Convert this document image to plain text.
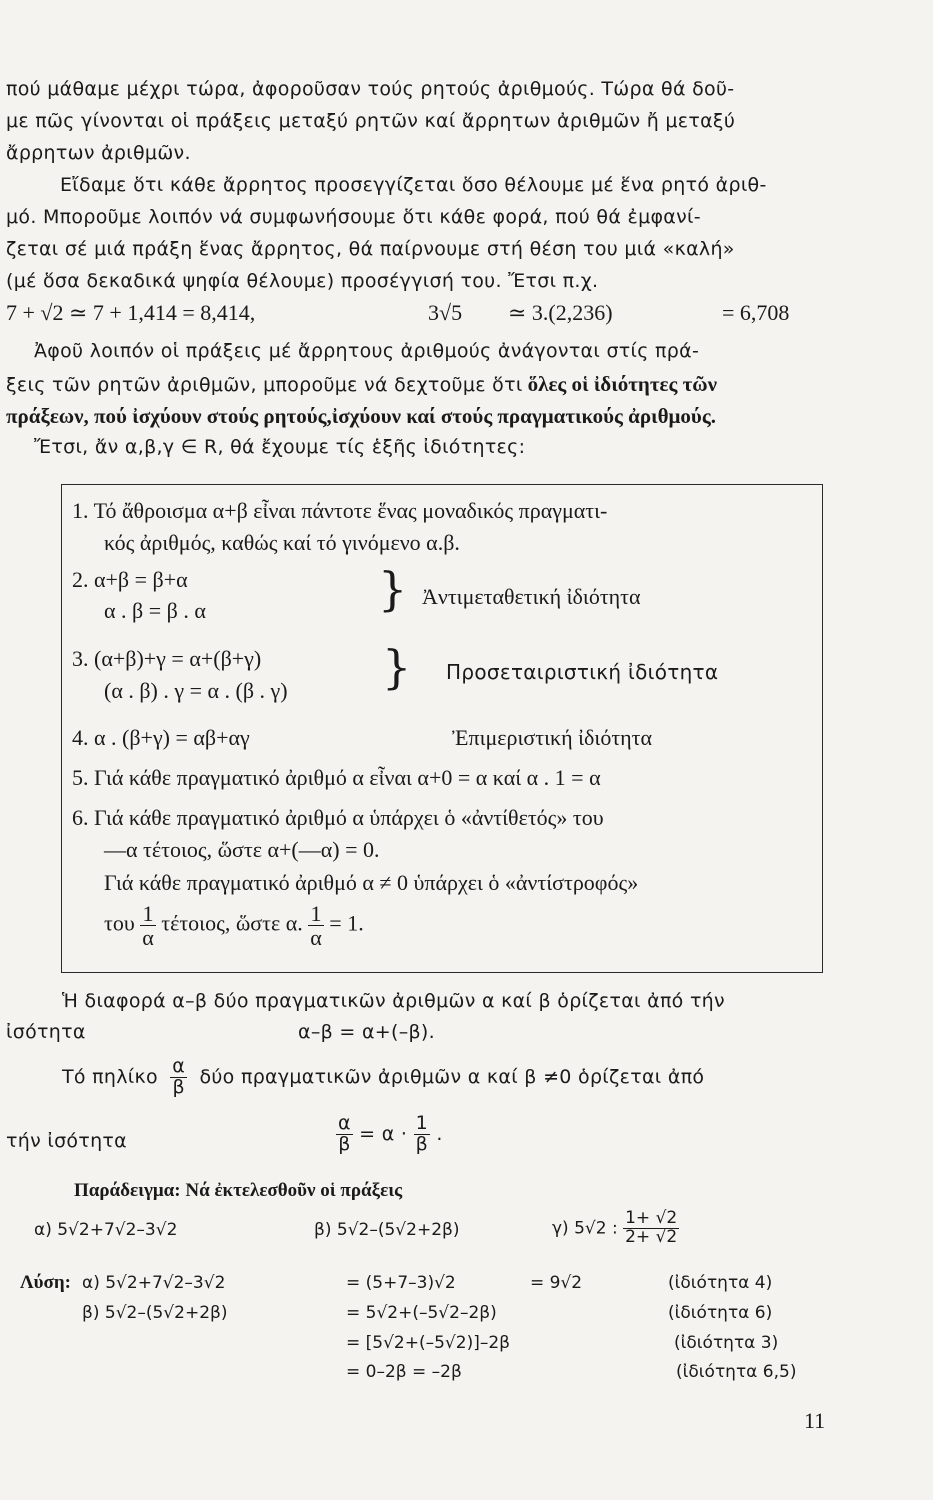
πού μάθαμε μέχρι τώρα, ἀφοροῦσαν τούς ρητούς ἀριθμούς. Τώρα θά δοῦ-
με πῶς γίνονται οἱ πράξεις μεταξύ ρητῶν καί ἄρρητων ἀριθμῶν ἤ μεταξύ
ἄρρητων ἀριθμῶν.
Εἴδαμε ὅτι κάθε ἄρρητος προσεγγίζεται ὅσο θέλουμε μέ ἕνα ρητό ἀριθ-
μό. Μποροῦμε λοιπόν νά συμφωνήσουμε ὅτι κάθε φορά, πού θά ἐμφανί-
ζεται σέ μιά πράξη ἕνας ἄρρητος, θά παίρνουμε στή θέση του μιά «καλή»
(μέ ὅσα δεκαδικά ψηφία θέλουμε) προσέγγισή του. Ἔτσι π.χ.
7 + √2 ≃ 7 + 1,414 = 8,414,	3√5 ≃ 3.(2,236)	= 6,708
Ἀφοῦ λοιπόν οἱ πράξεις μέ ἄρρητους ἀριθμούς ἀνάγονται στίς πρά-
ξεις τῶν ρητῶν ἀριθμῶν, μποροῦμε νά δεχτοῦμε ὅτι ὅλες οἱ ἰδιότητες τῶν
πράξεων, πού ἰσχύουν στούς ρητούς,ἰσχύουν καί στούς πραγματικούς ἀριθμούς.
Ἔτσι, ἄν α,β,γ ∈ R, θά ἔχουμε τίς ἑξῆς ἰδιότητες:
1. Τό ἄθροισμα α+β εἶναι πάντοτε ἕνας μοναδικός πραγματι-
κός ἀριθμός, καθώς καί τό γινόμενο α.β.
2. α+β = β+α
α . β = β . α	} Ἀντιμεταθετική ἰδιότητα
3. (α+β)+γ = α+(β+γ)
(α . β) . γ = α . (β . γ) } Προσεταιριστική ἰδιότητα
4. α . (β+γ) = αβ+αγ	Ἐπιμεριστική ἰδιότητα
5. Γιά κάθε πραγματικό ἀριθμό α εἶναι α+0 = α καί α . 1 = α
6. Γιά κάθε πραγματικό ἀριθμό α ὑπάρχει ὁ «ἀντίθετός» του
—α τέτοιος, ὥστε α+(—α) = 0.
Γιά κάθε πραγματικό ἀριθμό α ≠ 0 ὑπάρχει ὁ «ἀντίστροφός»
του $\frac{1}{\alpha} \tau έ\tau o\iota o\varsigma$, ὥστε α. $\frac{1}{\alpha} = 1$.
Ἡ διαφορά α–β δύο πραγματικῶν ἀριθμῶν α καί β ὁρίζεται ἀπό τήν
ἰσότητα	α–β = α+(–β).
Τό πηλίκο $\frac{\alpha}{\beta}$ δύο πραγματικῶν ἀριθμῶν α καί β ≠0 ὁρίζεται ἀπό
τήν ἰσότητα	$\frac{\alpha}{\beta} = \alpha \cdot \frac{1}{\beta}$ .
Παράδειγμα: Νά ἐκτελεσθοῦν οἱ πράξεις
α) 5√2+7√2–3√2	β) 5√2–(5√2+2β)	γ) 5√2 : $\frac{1+ √2}{2+ √2}$
Λύση: α) 5√2+7√2–3√2	= (5+7–3)√2	= 9√2	(ἰδιότητα 4)
β) 5√2–(5√2+2β)	= 5√2+(–5√2–2β)	(ἰδιότητα 6)
= [5√2+(–5√2)]–2β	(ἰδιότητα 3)
= 0–2β = –2β	(ἰδιότητα 6,5)
11
